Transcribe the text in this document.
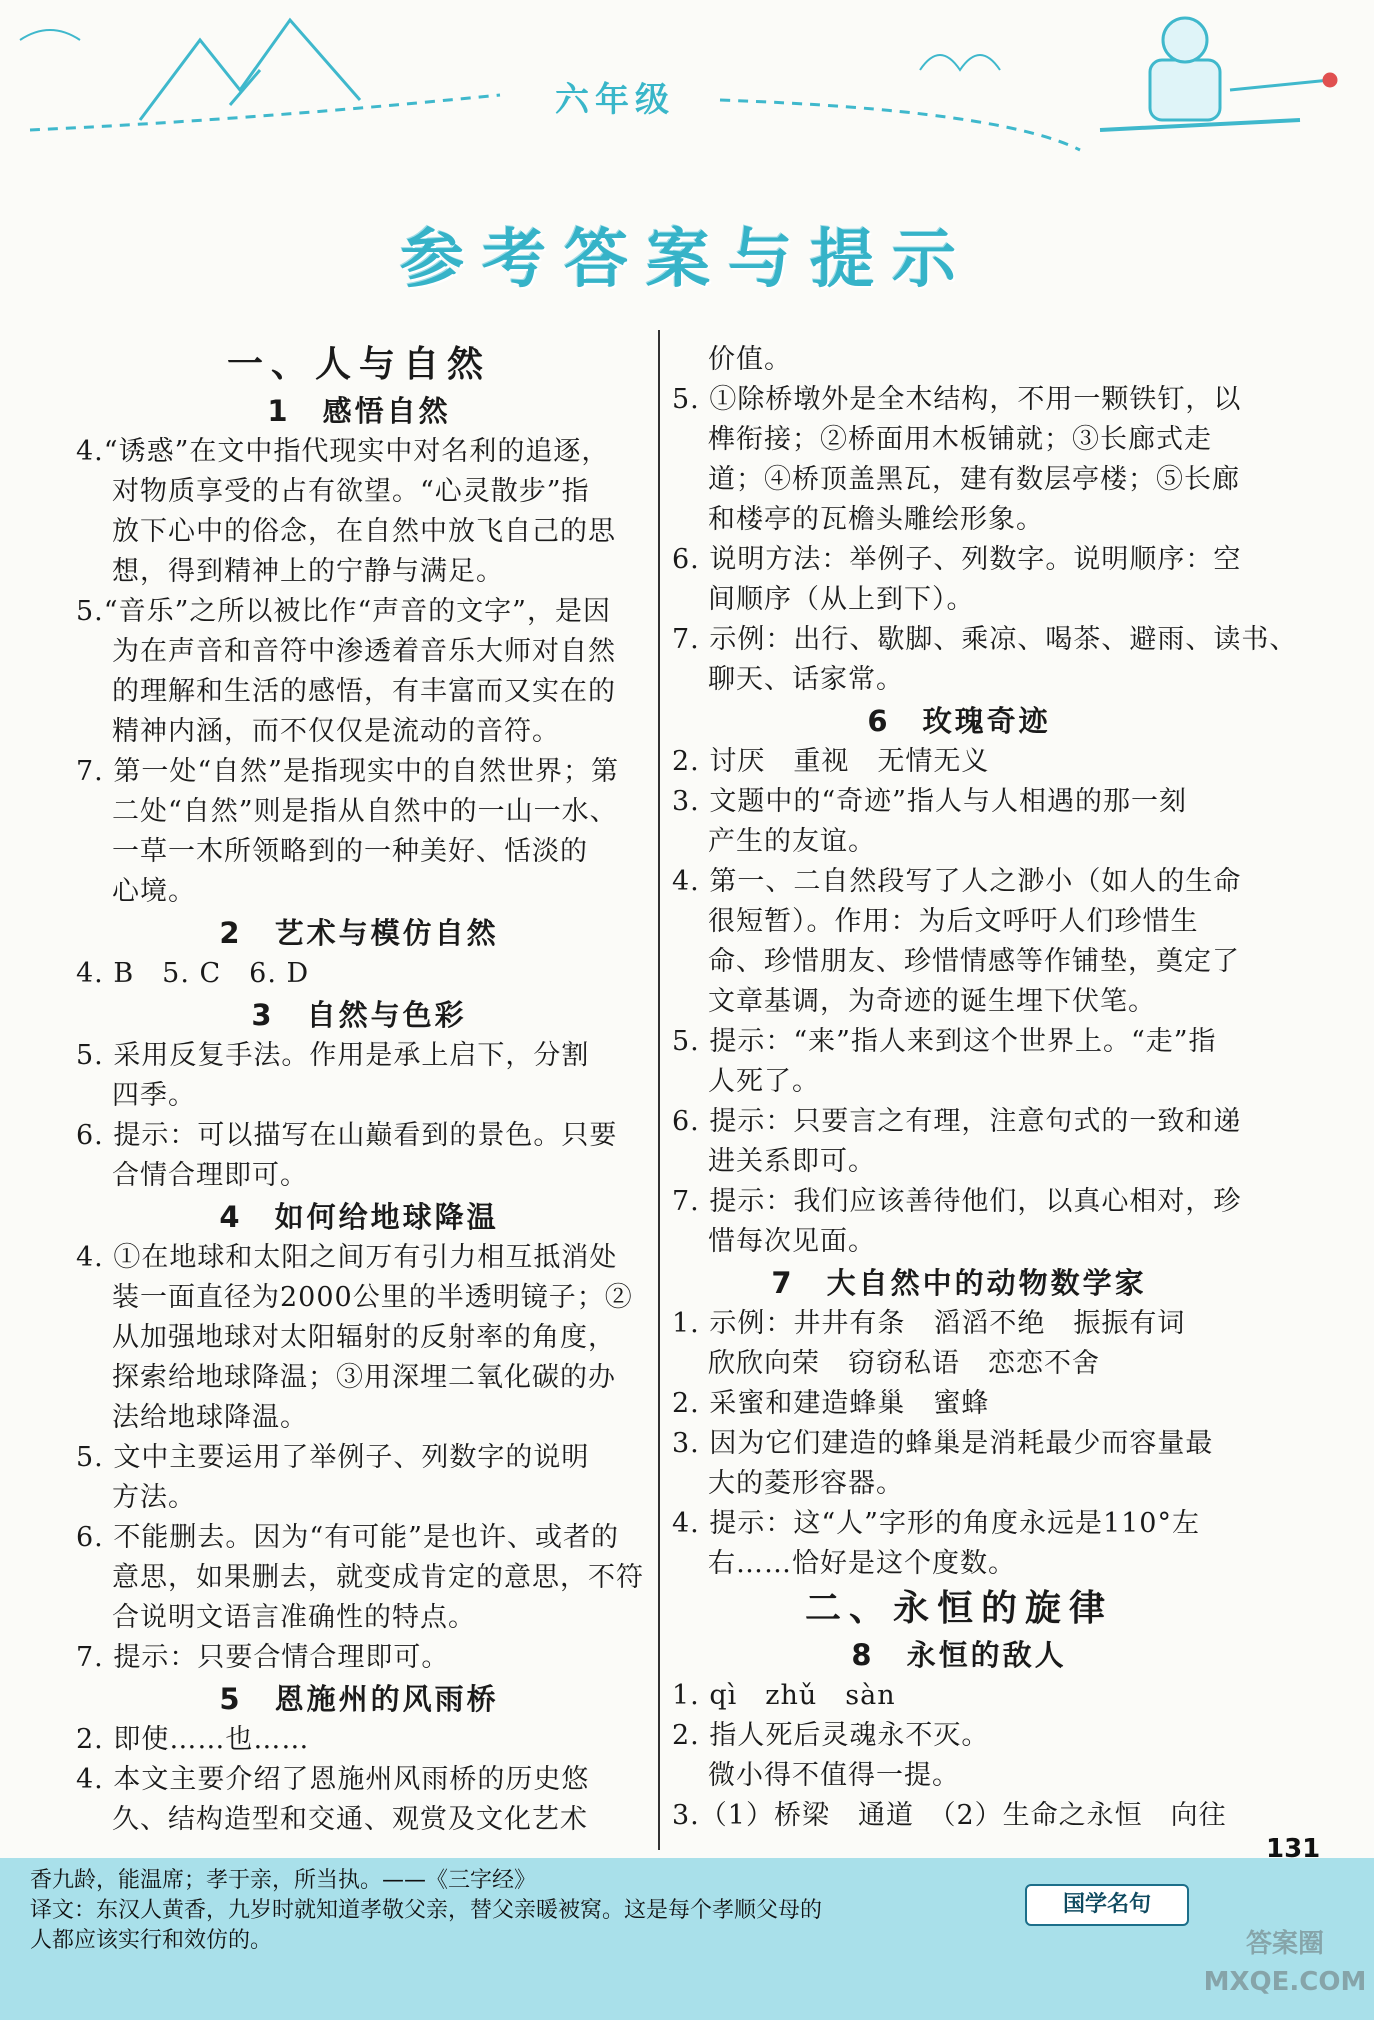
六年级
参考答案与提示
一、人与自然
1　感悟自然
4.“诱惑”在文中指代现实中对名利的追逐，
对物质享受的占有欲望。“心灵散步”指
放下心中的俗念，在自然中放飞自己的思
想，得到精神上的宁静与满足。
5.“音乐”之所以被比作“声音的文字”，是因
为在声音和音符中渗透着音乐大师对自然
的理解和生活的感悟，有丰富而又实在的
精神内涵，而不仅仅是流动的音符。
7. 第一处“自然”是指现实中的自然世界；第
二处“自然”则是指从自然中的一山一水、
一草一木所领略到的一种美好、恬淡的
心境。
2　艺术与模仿自然
4. B　5. C　6. D
3　自然与色彩
5. 采用反复手法。作用是承上启下，分割
四季。
6. 提示：可以描写在山巅看到的景色。只要
合情合理即可。
4　如何给地球降温
4. ①在地球和太阳之间万有引力相互抵消处
装一面直径为2000公里的半透明镜子；②
从加强地球对太阳辐射的反射率的角度，
探索给地球降温；③用深埋二氧化碳的办
法给地球降温。
5. 文中主要运用了举例子、列数字的说明
方法。
6. 不能删去。因为“有可能”是也许、或者的
意思，如果删去，就变成肯定的意思，不符
合说明文语言准确性的特点。
7. 提示：只要合情合理即可。
5　恩施州的风雨桥
2. 即使……也……
4. 本文主要介绍了恩施州风雨桥的历史悠
久、结构造型和交通、观赏及文化艺术
价值。
5. ①除桥墩外是全木结构，不用一颗铁钉，以
榫衔接；②桥面用木板铺就；③长廊式走
道；④桥顶盖黑瓦，建有数层亭楼；⑤长廊
和楼亭的瓦檐头雕绘形象。
6. 说明方法：举例子、列数字。说明顺序：空
间顺序（从上到下）。
7. 示例：出行、歇脚、乘凉、喝茶、避雨、读书、
聊天、话家常。
6　玫瑰奇迹
2. 讨厌　重视　无情无义
3. 文题中的“奇迹”指人与人相遇的那一刻
产生的友谊。
4. 第一、二自然段写了人之渺小（如人的生命
很短暂）。作用：为后文呼吁人们珍惜生
命、珍惜朋友、珍惜情感等作铺垫，奠定了
文章基调，为奇迹的诞生埋下伏笔。
5. 提示：“来”指人来到这个世界上。“走”指
人死了。
6. 提示：只要言之有理，注意句式的一致和递
进关系即可。
7. 提示：我们应该善待他们，以真心相对，珍
惜每次见面。
7　大自然中的动物数学家
1. 示例：井井有条　滔滔不绝　振振有词
欣欣向荣　窃窃私语　恋恋不舍
2. 采蜜和建造蜂巢　蜜蜂
3. 因为它们建造的蜂巢是消耗最少而容量最
大的菱形容器。
4. 提示：这“人”字形的角度永远是110°左
右……恰好是这个度数。
二、永恒的旋律
8　永恒的敌人
1. qì　zhǔ　sàn
2. 指人死后灵魂永不灭。
微小得不值得一提。
3.（1）桥梁　通道　（2）生命之永恒　向往
131
香九龄，能温席；孝于亲，所当执。——《三字经》
译文：东汉人黄香，九岁时就知道孝敬父亲，替父亲暖被窝。这是每个孝顺父母的
人都应该实行和效仿的。
国学名句
答案圈
MXQE.COM
